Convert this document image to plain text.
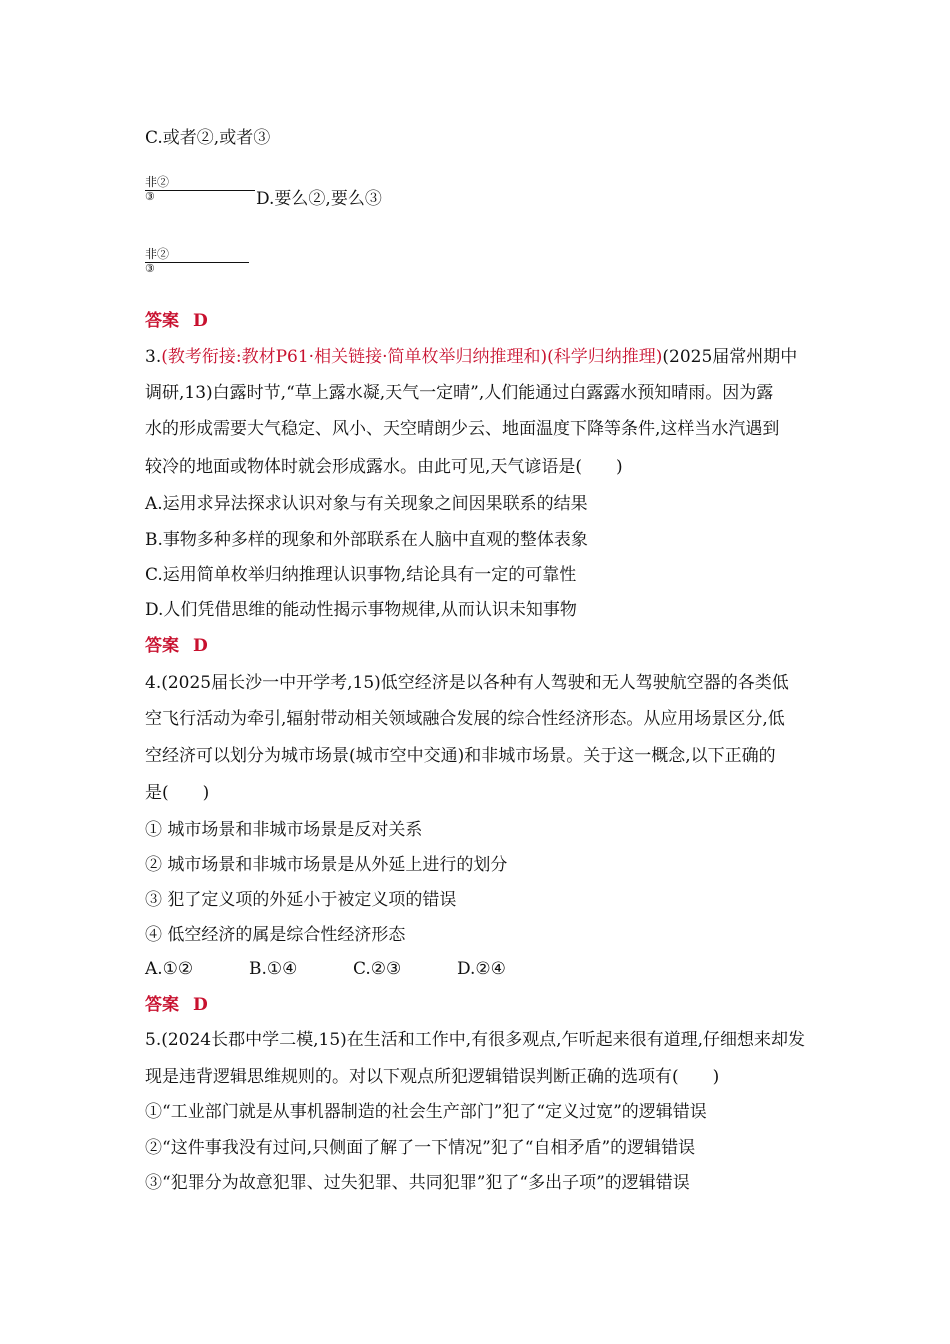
C.或者②,或者③
非②
③	D.要么②,要么③
非②
③
答案 D
3.(教考衔接:教材P61·相关链接·简单枚举归纳推理和)(科学归纳推理)(2025届常州期中
调研,13)白露时节,“草上露水凝,天气一定晴”,人们能通过白露露水预知晴雨。因为露
水的形成需要大气稳定、风小、天空晴朗少云、地面温度下降等条件,这样当水汽遇到
较冷的地面或物体时就会形成露水。由此可见,天气谚语是(　　)
A.运用求异法探求认识对象与有关现象之间因果联系的结果
B.事物多种多样的现象和外部联系在人脑中直观的整体表象
C.运用简单枚举归纳推理认识事物,结论具有一定的可靠性
D.人们凭借思维的能动性揭示事物规律,从而认识未知事物
答案 D
4.(2025届长沙一中开学考,15)低空经济是以各种有人驾驶和无人驾驶航空器的各类低
空飞行活动为牵引,辐射带动相关领域融合发展的综合性经济形态。从应用场景区分,低
空经济可以划分为城市场景(城市空中交通)和非城市场景。关于这一概念,以下正确的
是(　　)
① 城市场景和非城市场景是反对关系
② 城市场景和非城市场景是从外延上进行的划分
③ 犯了定义项的外延小于被定义项的错误
④ 低空经济的属是综合性经济形态
A.①②	B.①④	C.②③	D.②④
答案 D
5.(2024长郡中学二模,15)在生活和工作中,有很多观点,乍听起来很有道理,仔细想来却发
现是违背逻辑思维规则的。对以下观点所犯逻辑错误判断正确的选项有(　　)
①“工业部门就是从事机器制造的社会生产部门”犯了“定义过宽”的逻辑错误
②“这件事我没有过问,只侧面了解了一下情况”犯了“自相矛盾”的逻辑错误
③“犯罪分为故意犯罪、过失犯罪、共同犯罪”犯了“多出子项”的逻辑错误
